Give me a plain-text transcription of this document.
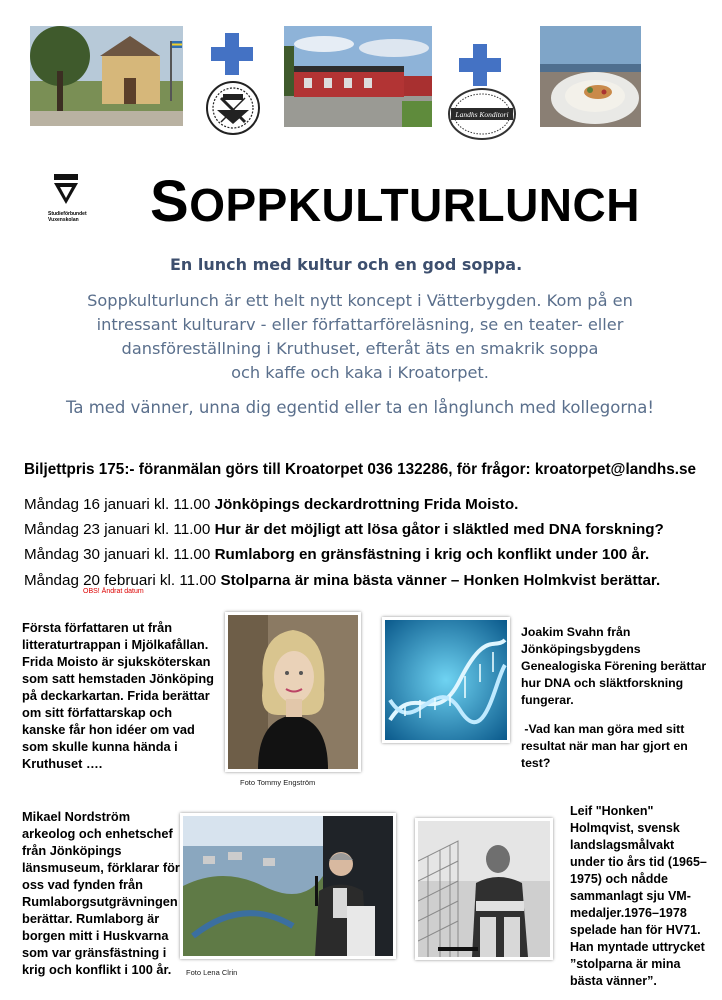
Landhs Konditori
Studieförbundet Vuxenskolan SOPPKULTURLUNCH
En lunch med kultur och en god soppa.
Soppkulturlunch är ett helt nytt koncept i Vätterbygden. Kom på en
intressant kulturarv - eller författarföreläsning, se en teater- eller
dansföreställning i Kruthuset, efteråt äts en smakrik soppa
och kaffe och kaka i Kroatorpet.
Ta med vänner, unna dig egentid eller ta en långlunch med kollegorna!
Biljettpris 175:- föranmälan görs till Kroatorpet 036 132286, för frågor: kroatorpet@landhs.se
Måndag 16 januari kl. 11.00 Jönköpings deckardrottning Frida Moisto.
Måndag 23 januari kl. 11.00 Hur är det möjligt att lösa gåtor i släktled med DNA forskning?
Måndag 30 januari kl. 11.00 Rumlaborg en gränsfästning i krig och konflikt under 100 år.
Måndag 20 februari kl. 11.00 Stolparna är mina bästa vänner – Honken Holmkvist berättar.
OBS! Ändrat datum
Första författaren ut från
litteraturtrappan i Mjölkafållan.
Frida Moisto är sjuksköterskan
som satt hemstaden Jönköping
på deckarkartan. Frida berättar
om sitt författarskap och
kanske får hon idéer om vad
som skulle kunna hända i
Kruthuset ….
Foto Tommy Engström
Joakim Svahn från
Jönköpingsbygdens
Genealogiska Förening berättar
hur DNA och släktforskning
fungerar.
-Vad kan man göra med sitt
resultat när man har gjort en
test?
Mikael Nordström
arkeolog och enhetschef
från Jönköpings
länsmuseum, förklarar för
oss vad fynden från
Rumlaborgsutgrävningen
berättar. Rumlaborg är
borgen mitt i Huskvarna
som var gränsfästning i
krig och konflikt i 100 år.	Foto Lena Clrin
Leif "Honken"
Holmqvist, svensk
landslagsmålvakt
under tio års tid (1965–
1975) och nådde
sammanlagt sju VM-
medaljer.1976–1978
spelade han för HV71.
Han myntade uttrycket
”stolparna är mina
bästa vänner”.
